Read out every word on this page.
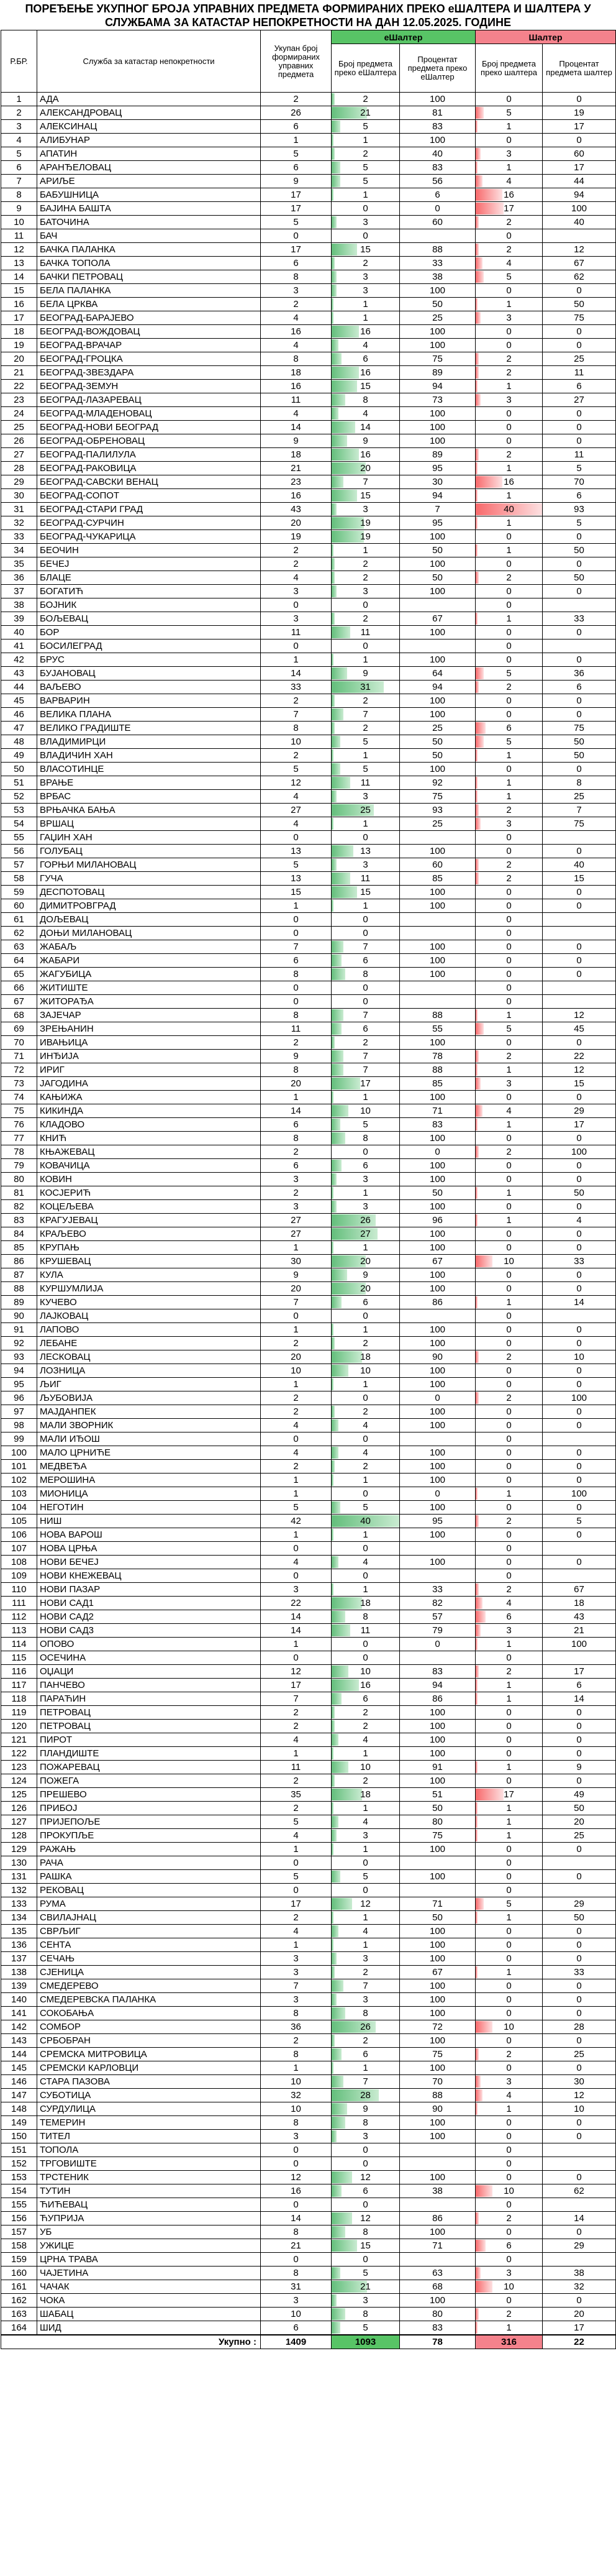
ПОРЕЂЕЊЕ УКУПНОГ БРОЈА УПРАВНИХ ПРЕДМЕТА ФОРМИРАНИХ ПРЕКО еШАЛТЕРА И ШАЛТЕРА У СЛУЖБАМА ЗА КАТАСТАР НЕПОКРЕТНОСТИ НА ДАН 12.05.2025. ГОДИНЕ
Р.БР.	Служба за катастар непокретности	Укупан број формираних управних предмета	еШалтер		Шалтер	
			Број предмета преко еШалтера	Процентат предмета преко еШалтер	Број предмета преко шалтера	Процентат предмета шалтер
1	АДА	2	2	100	0	0
2	АЛЕКСАНДРОВАЦ	26	21	81	5	19
3	АЛЕКСИНАЦ	6	5	83	1	17
4	АЛИБУНАР	1	1	100	0	0
5	АПАТИН	5	2	40	3	60
6	АРАНЂЕЛОВАЦ	6	5	83	1	17
7	АРИЉЕ	9	5	56	4	44
8	БАБУШНИЦА	17	1	6	16	94
9	БАЈИНА БАШТА	17	0	0	17	100
10	БАТОЧИНА	5	3	60	2	40
11	БАЧ	0	0		0	
12	БАЧКА ПАЛАНКА	17	15	88	2	12
13	БАЧКА ТОПОЛА	6	2	33	4	67
14	БАЧКИ ПЕТРОВАЦ	8	3	38	5	62
15	БЕЛА ПАЛАНКА	3	3	100	0	0
16	БЕЛА ЦРКВА	2	1	50	1	50
17	БЕОГРАД-БАРАЈЕВО	4	1	25	3	75
18	БЕОГРАД-ВОЖДОВАЦ	16	16	100	0	0
19	БЕОГРАД-ВРАЧАР	4	4	100	0	0
20	БЕОГРАД-ГРОЦКА	8	6	75	2	25
21	БЕОГРАД-ЗВЕЗДАРА	18	16	89	2	11
22	БЕОГРАД-ЗЕМУН	16	15	94	1	6
23	БЕОГРАД-ЛАЗАРЕВАЦ	11	8	73	3	27
24	БЕОГРАД-МЛАДЕНОВАЦ	4	4	100	0	0
25	БЕОГРАД-НОВИ БЕОГРАД	14	14	100	0	0
26	БЕОГРАД-ОБРЕНОВАЦ	9	9	100	0	0
27	БЕОГРАД-ПАЛИЛУЛА	18	16	89	2	11
28	БЕОГРАД-РАКОВИЦА	21	20	95	1	5
29	БЕОГРАД-САВСКИ ВЕНАЦ	23	7	30	16	70
30	БЕОГРАД-СОПОТ	16	15	94	1	6
31	БЕОГРАД-СТАРИ ГРАД	43	3	7	40	93
32	БЕОГРАД-СУРЧИН	20	19	95	1	5
33	БЕОГРАД-ЧУКАРИЦА	19	19	100	0	0
34	БЕОЧИН	2	1	50	1	50
35	БЕЧЕЈ	2	2	100	0	0
36	БЛАЦЕ	4	2	50	2	50
37	БОГАТИЋ	3	3	100	0	0
38	БОЈНИК	0	0		0	
39	БОЉЕВАЦ	3	2	67	1	33
40	БОР	11	11	100	0	0
41	БОСИЛЕГРАД	0	0		0	
42	БРУС	1	1	100	0	0
43	БУЈАНОВАЦ	14	9	64	5	36
44	ВАЉЕВО	33	31	94	2	6
45	ВАРВАРИН	2	2	100	0	0
46	ВЕЛИКА ПЛАНА	7	7	100	0	0
47	ВЕЛИКО ГРАДИШТЕ	8	2	25	6	75
48	ВЛАДИМИРЦИ	10	5	50	5	50
49	ВЛАДИЧИН ХАН	2	1	50	1	50
50	ВЛАСОТИНЦЕ	5	5	100	0	0
51	ВРАЊЕ	12	11	92	1	8
52	ВРБАС	4	3	75	1	25
53	ВРЊАЧКА БАЊА	27	25	93	2	7
54	ВРШАЦ	4	1	25	3	75
55	ГАЏИН ХАН	0	0		0	
56	ГОЛУБАЦ	13	13	100	0	0
57	ГОРЊИ МИЛАНОВАЦ	5	3	60	2	40
58	ГУЧА	13	11	85	2	15
59	ДЕСПОТОВАЦ	15	15	100	0	0
60	ДИМИТРОВГРАД	1	1	100	0	0
61	ДОЉЕВАЦ	0	0		0	
62	ДОЊИ МИЛАНОВАЦ	0	0		0	
63	ЖАБАЉ	7	7	100	0	0
64	ЖАБАРИ	6	6	100	0	0
65	ЖАГУБИЦА	8	8	100	0	0
66	ЖИТИШТЕ	0	0		0	
67	ЖИТОРАЂА	0	0		0	
68	ЗАЈЕЧАР	8	7	88	1	12
69	ЗРЕЊАНИН	11	6	55	5	45
70	ИВАЊИЦА	2	2	100	0	0
71	ИНЂИЈА	9	7	78	2	22
72	ИРИГ	8	7	88	1	12
73	ЈАГОДИНА	20	17	85	3	15
74	КАЊИЖА	1	1	100	0	0
75	КИКИНДА	14	10	71	4	29
76	КЛАДОВО	6	5	83	1	17
77	КНИЋ	8	8	100	0	0
78	КЊАЖЕВАЦ	2	0	0	2	100
79	КОВАЧИЦА	6	6	100	0	0
80	КОВИН	3	3	100	0	0
81	КОСЈЕРИЋ	2	1	50	1	50
82	КОЦЕЉЕВА	3	3	100	0	0
83	КРАГУЈЕВАЦ	27	26	96	1	4
84	КРАЉЕВО	27	27	100	0	0
85	КРУПАЊ	1	1	100	0	0
86	КРУШЕВАЦ	30	20	67	10	33
87	КУЛА	9	9	100	0	0
88	КУРШУМЛИЈА	20	20	100	0	0
89	КУЧЕВО	7	6	86	1	14
90	ЛАЈКОВАЦ	0	0		0	
91	ЛАПОВО	1	1	100	0	0
92	ЛЕБАНЕ	2	2	100	0	0
93	ЛЕСКОВАЦ	20	18	90	2	10
94	ЛОЗНИЦА	10	10	100	0	0
95	ЉИГ	1	1	100	0	0
96	ЉУБОВИЈА	2	0	0	2	100
97	МАЈДАНПЕК	2	2	100	0	0
98	МАЛИ ЗВОРНИК	4	4	100	0	0
99	МАЛИ ИЂОШ	0	0		0	
100	МАЛО ЦРНИЋЕ	4	4	100	0	0
101	МЕДВЕЂА	2	2	100	0	0
102	МЕРОШИНА	1	1	100	0	0
103	МИОНИЦА	1	0	0	1	100
104	НЕГОТИН	5	5	100	0	0
105	НИШ	42	40	95	2	5
106	НОВА ВАРОШ	1	1	100	0	0
107	НОВА ЦРЊА	0	0		0	
108	НОВИ БЕЧЕЈ	4	4	100	0	0
109	НОВИ КНЕЖЕВАЦ	0	0		0	
110	НОВИ ПАЗАР	3	1	33	2	67
111	НОВИ САД1	22	18	82	4	18
112	НОВИ САД2	14	8	57	6	43
113	НОВИ САД3	14	11	79	3	21
114	ОПОВО	1	0	0	1	100
115	ОСЕЧИНА	0	0		0	
116	ОЏАЦИ	12	10	83	2	17
117	ПАНЧЕВО	17	16	94	1	6
118	ПАРАЋИН	7	6	86	1	14
119	ПЕТРОВАЦ	2	2	100	0	0
120	ПЕТРОВАЦ	2	2	100	0	0
121	ПИРОТ	4	4	100	0	0
122	ПЛАНДИШТЕ	1	1	100	0	0
123	ПОЖАРЕВАЦ	11	10	91	1	9
124	ПОЖЕГА	2	2	100	0	0
125	ПРЕШЕВО	35	18	51	17	49
126	ПРИБОЈ	2	1	50	1	50
127	ПРИЈЕПОЉЕ	5	4	80	1	20
128	ПРОКУПЉЕ	4	3	75	1	25
129	РАЖАЊ	1	1	100	0	0
130	РАЧА	0	0		0	
131	РАШКА	5	5	100	0	0
132	РЕКОВАЦ	0	0		0	
133	РУМА	17	12	71	5	29
134	СВИЛАЈНАЦ	2	1	50	1	50
135	СВРЉИГ	4	4	100	0	0
136	СЕНТА	1	1	100	0	0
137	СЕЧАЊ	3	3	100	0	0
138	СЈЕНИЦА	3	2	67	1	33
139	СМЕДЕРЕВО	7	7	100	0	0
140	СМЕДЕРЕВСКА ПАЛАНКА	3	3	100	0	0
141	СОКОБАЊА	8	8	100	0	0
142	СОМБОР	36	26	72	10	28
143	СРБОБРАН	2	2	100	0	0
144	СРЕМСКА МИТРОВИЦА	8	6	75	2	25
145	СРЕМСКИ КАРЛОВЦИ	1	1	100	0	0
146	СТАРА ПАЗОВА	10	7	70	3	30
147	СУБОТИЦА	32	28	88	4	12
148	СУРДУЛИЦА	10	9	90	1	10
149	ТЕМЕРИН	8	8	100	0	0
150	ТИТЕЛ	3	3	100	0	0
151	ТОПОЛА	0	0		0	
152	ТРГОВИШТЕ	0	0		0	
153	ТРСТЕНИК	12	12	100	0	0
154	ТУТИН	16	6	38	10	62
155	ЋИЋЕВАЦ	0	0		0	
156	ЋУПРИЈА	14	12	86	2	14
157	УБ	8	8	100	0	0
158	УЖИЦЕ	21	15	71	6	29
159	ЦРНА ТРАВА	0	0		0	
160	ЧАЈЕТИНА	8	5	63	3	38
161	ЧАЧАК	31	21	68	10	32
162	ЧОКА	3	3	100	0	0
163	ШАБАЦ	10	8	80	2	20
164	ШИД	6	5	83	1	17
Укупно :		1409	1093	78	316	22
